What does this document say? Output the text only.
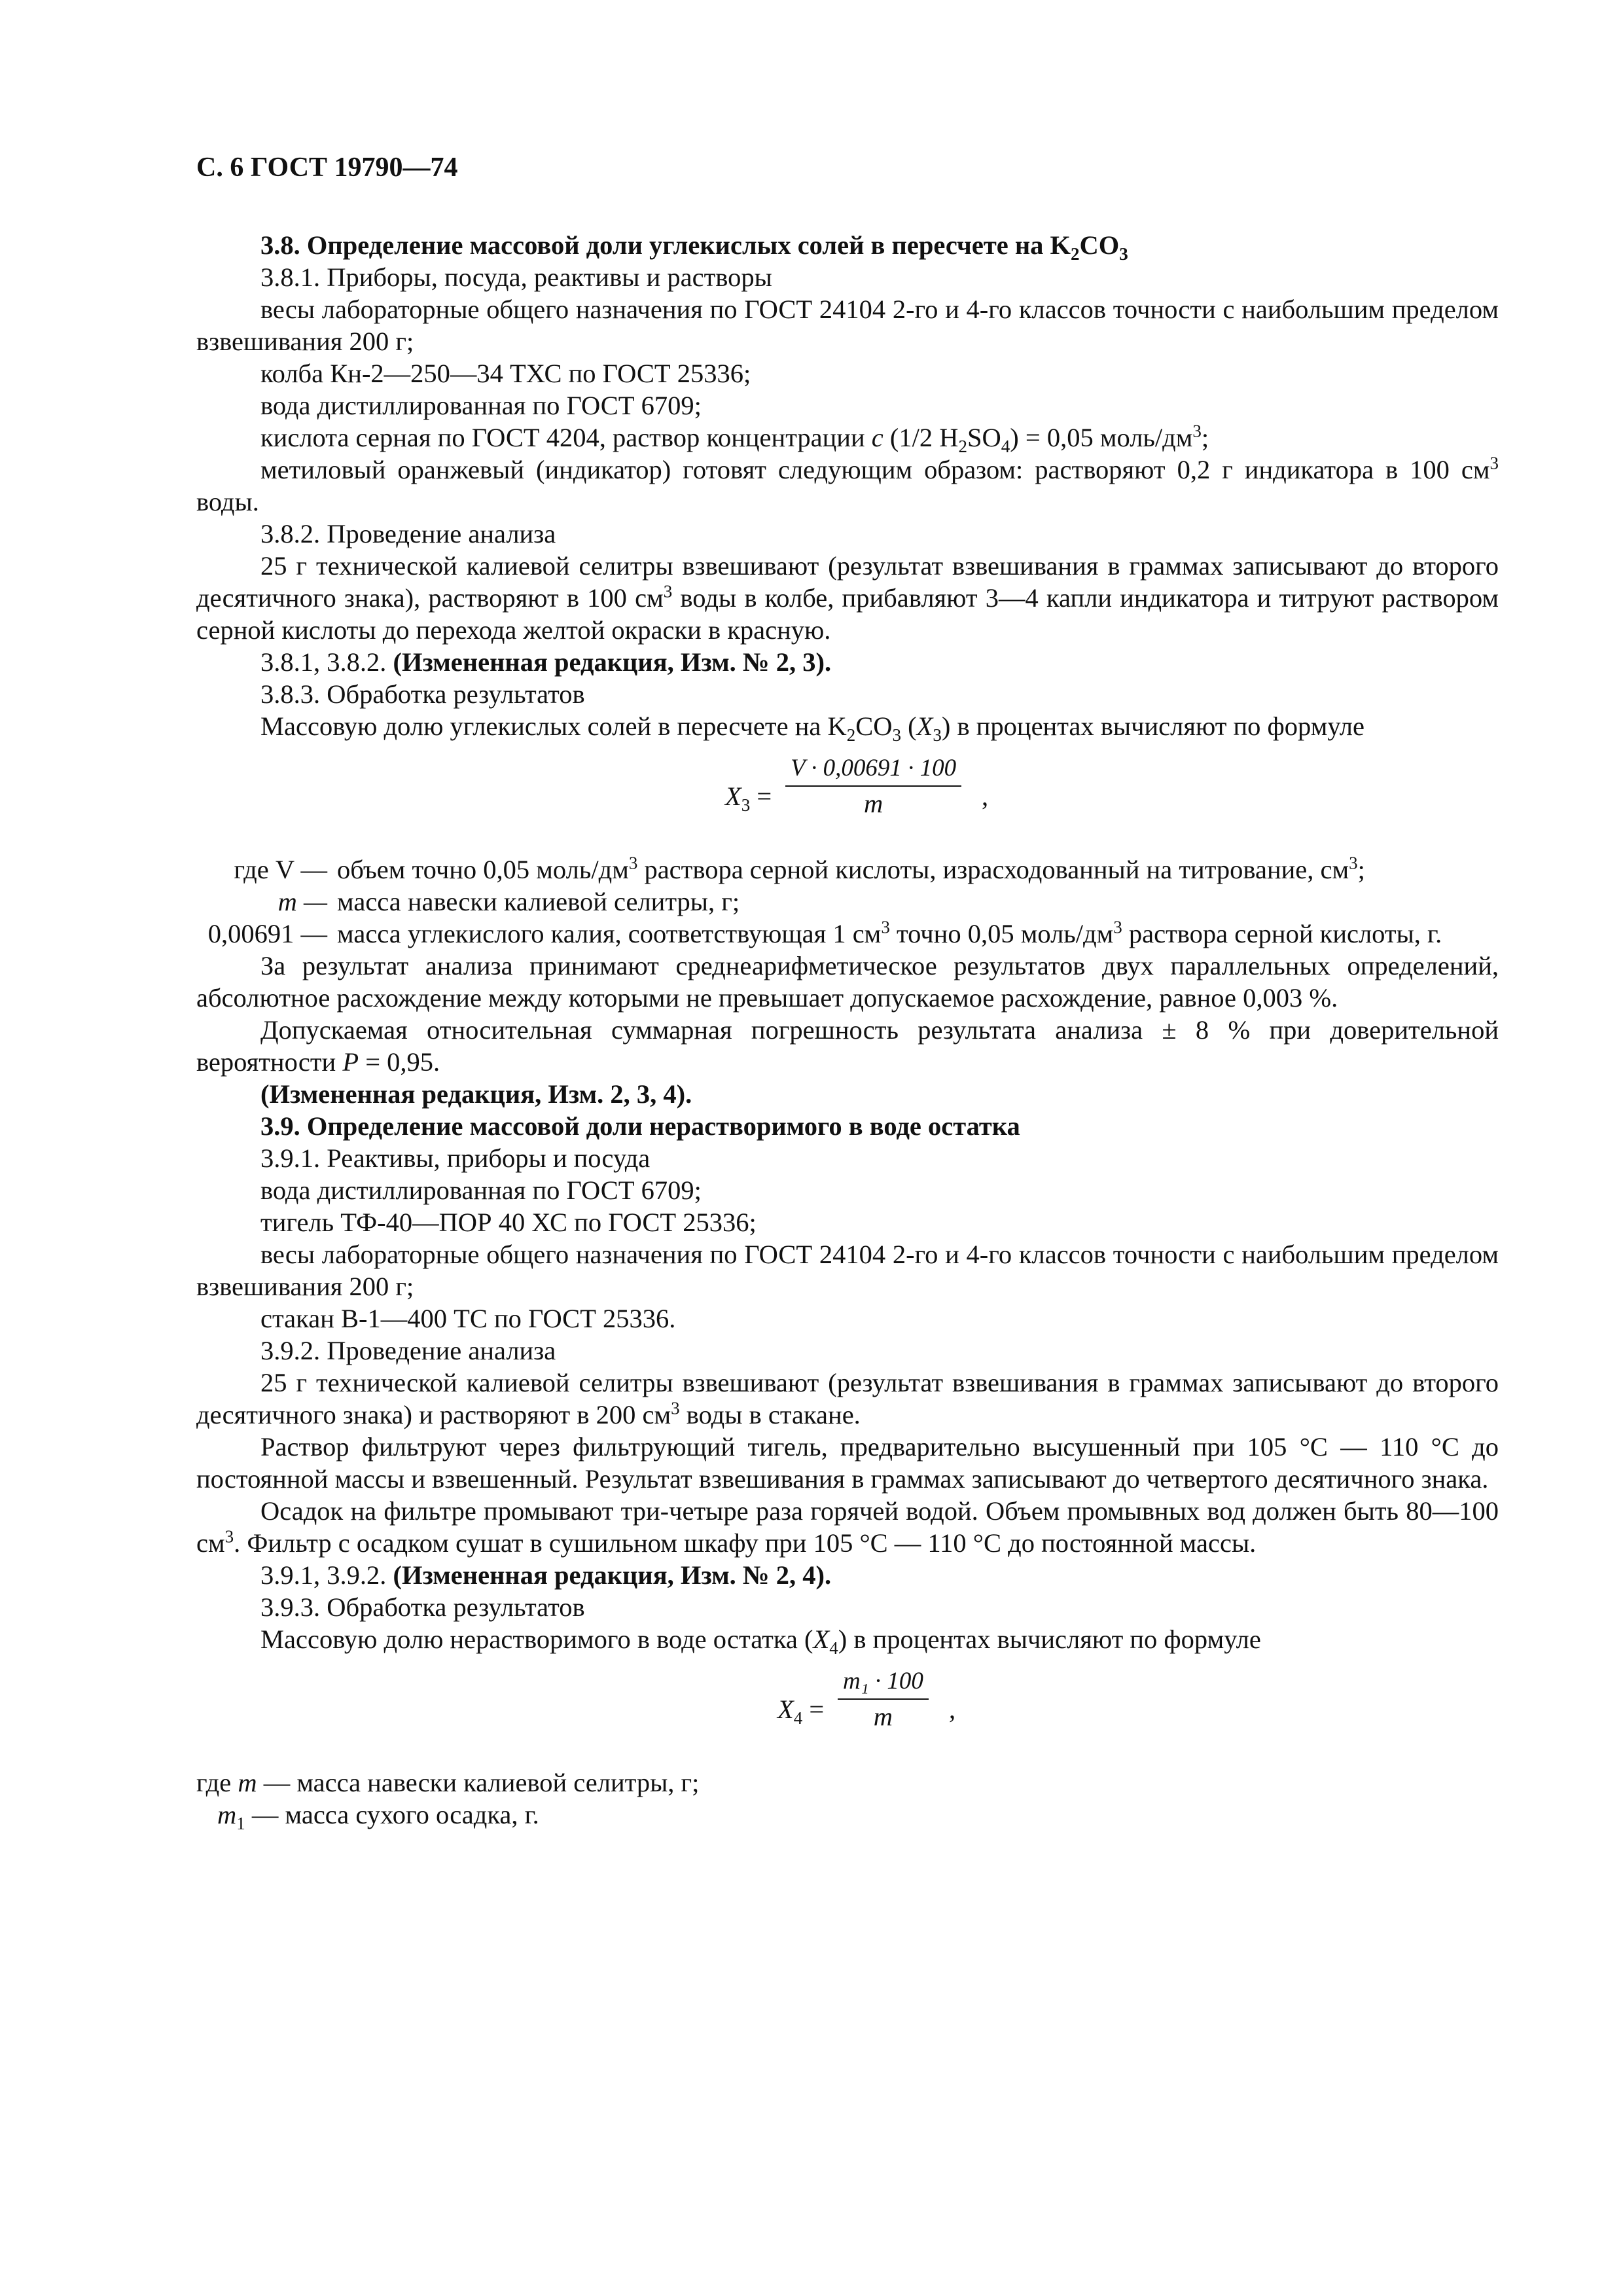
С. 6 ГОСТ 19790—74

3.8. Определение массовой доли углекислых солей в пересчете на $K_2CO_3$

3.8.1. Приборы, посуда, реактивы и растворы

весы лабораторные общего назначения по ГОСТ 24104 2-го и 4-го классов точности с наибольшим пределом взвешивания 200 г;

колба Кн-2—250—34 ТХС по ГОСТ 25336;

вода дистиллированная по ГОСТ 6709;

кислота серная по ГОСТ 4204, раствор концентрации c (1/2 $H_2SO_4) = 0,05$ моль/$дм^3$;

метиловый оранжевый (индикатор) готовят следующим образом: растворяют 0,2 г индикатора в 100 $см^3$ воды.

3.8.2. Проведение анализа

25 г технической калиевой селитры взвешивают (результат взвешивания в граммах записывают до второго десятичного знака), растворяют в 100 $см^3$ воды в колбе, прибавляют 3—4 капли индикатора и титруют раствором серной кислоты до перехода желтой окраски в красную.

3.8.1, 3.8.2. (Измененная редакция, Изм. № 2, 3).

3.8.3. Обработка результатов

Массовую долю углекислых солей в пересчете на $K_2CO_3$ $(X_3)$ в процентах вычисляют по формуле

$X_3 = \frac{V \cdot 0,00691 \cdot 100}{m}$ ,

где V — объем точно 0,05 моль/$дм^3$ раствора серной кислоты, израсходованный на титрование, $см^3$;

m — масса навески калиевой селитры, г;

0,00691 — масса углекислого калия, соответствующая 1 $см^3$ точно 0,05 моль/$дм^3$ раствора серной кислоты, г.

За результат анализа принимают среднеарифметическое результатов двух параллельных определений, абсолютное расхождение между которыми не превышает допускаемое расхождение, равное 0,003 %.

Допускаемая относительная суммарная погрешность результата анализа ± 8 % при доверительной вероятности P = 0,95.

(Измененная редакция, Изм. 2, 3, 4).

3.9. Определение массовой доли нерастворимого в воде остатка

3.9.1. Реактивы, приборы и посуда

вода дистиллированная по ГОСТ 6709;

тигель ТФ-40—ПОР 40 ХС по ГОСТ 25336;

весы лабораторные общего назначения по ГОСТ 24104 2-го и 4-го классов точности с наибольшим пределом взвешивания 200 г;

стакан В-1—400 ТС по ГОСТ 25336.

3.9.2. Проведение анализа

25 г технической калиевой селитры взвешивают (результат взвешивания в граммах записывают до второго десятичного знака) и растворяют в 200 $см^3$ воды в стакане.

Раствор фильтруют через фильтрующий тигель, предварительно высушенный при 105 °С — 110 °С до постоянной массы и взвешенный. Результат взвешивания в граммах записывают до четвертого десятичного знака.

Осадок на фильтре промывают три-четыре раза горячей водой. Объем промывных вод должен быть 80—100 $см^3$. Фильтр с осадком сушат в сушильном шкафу при 105 °С — 110 °С до постоянной массы.

3.9.1, 3.9.2. (Измененная редакция, Изм. № 2, 4).

3.9.3. Обработка результатов

Массовую долю нерастворимого в воде остатка $(X_4)$ в процентах вычисляют по формуле

$X_4 = \frac{\text{m₁ · 100}}{m}$ ,

где m — масса навески калиевой селитры, г;

$m_1$ — масса сухого осадка, г.
